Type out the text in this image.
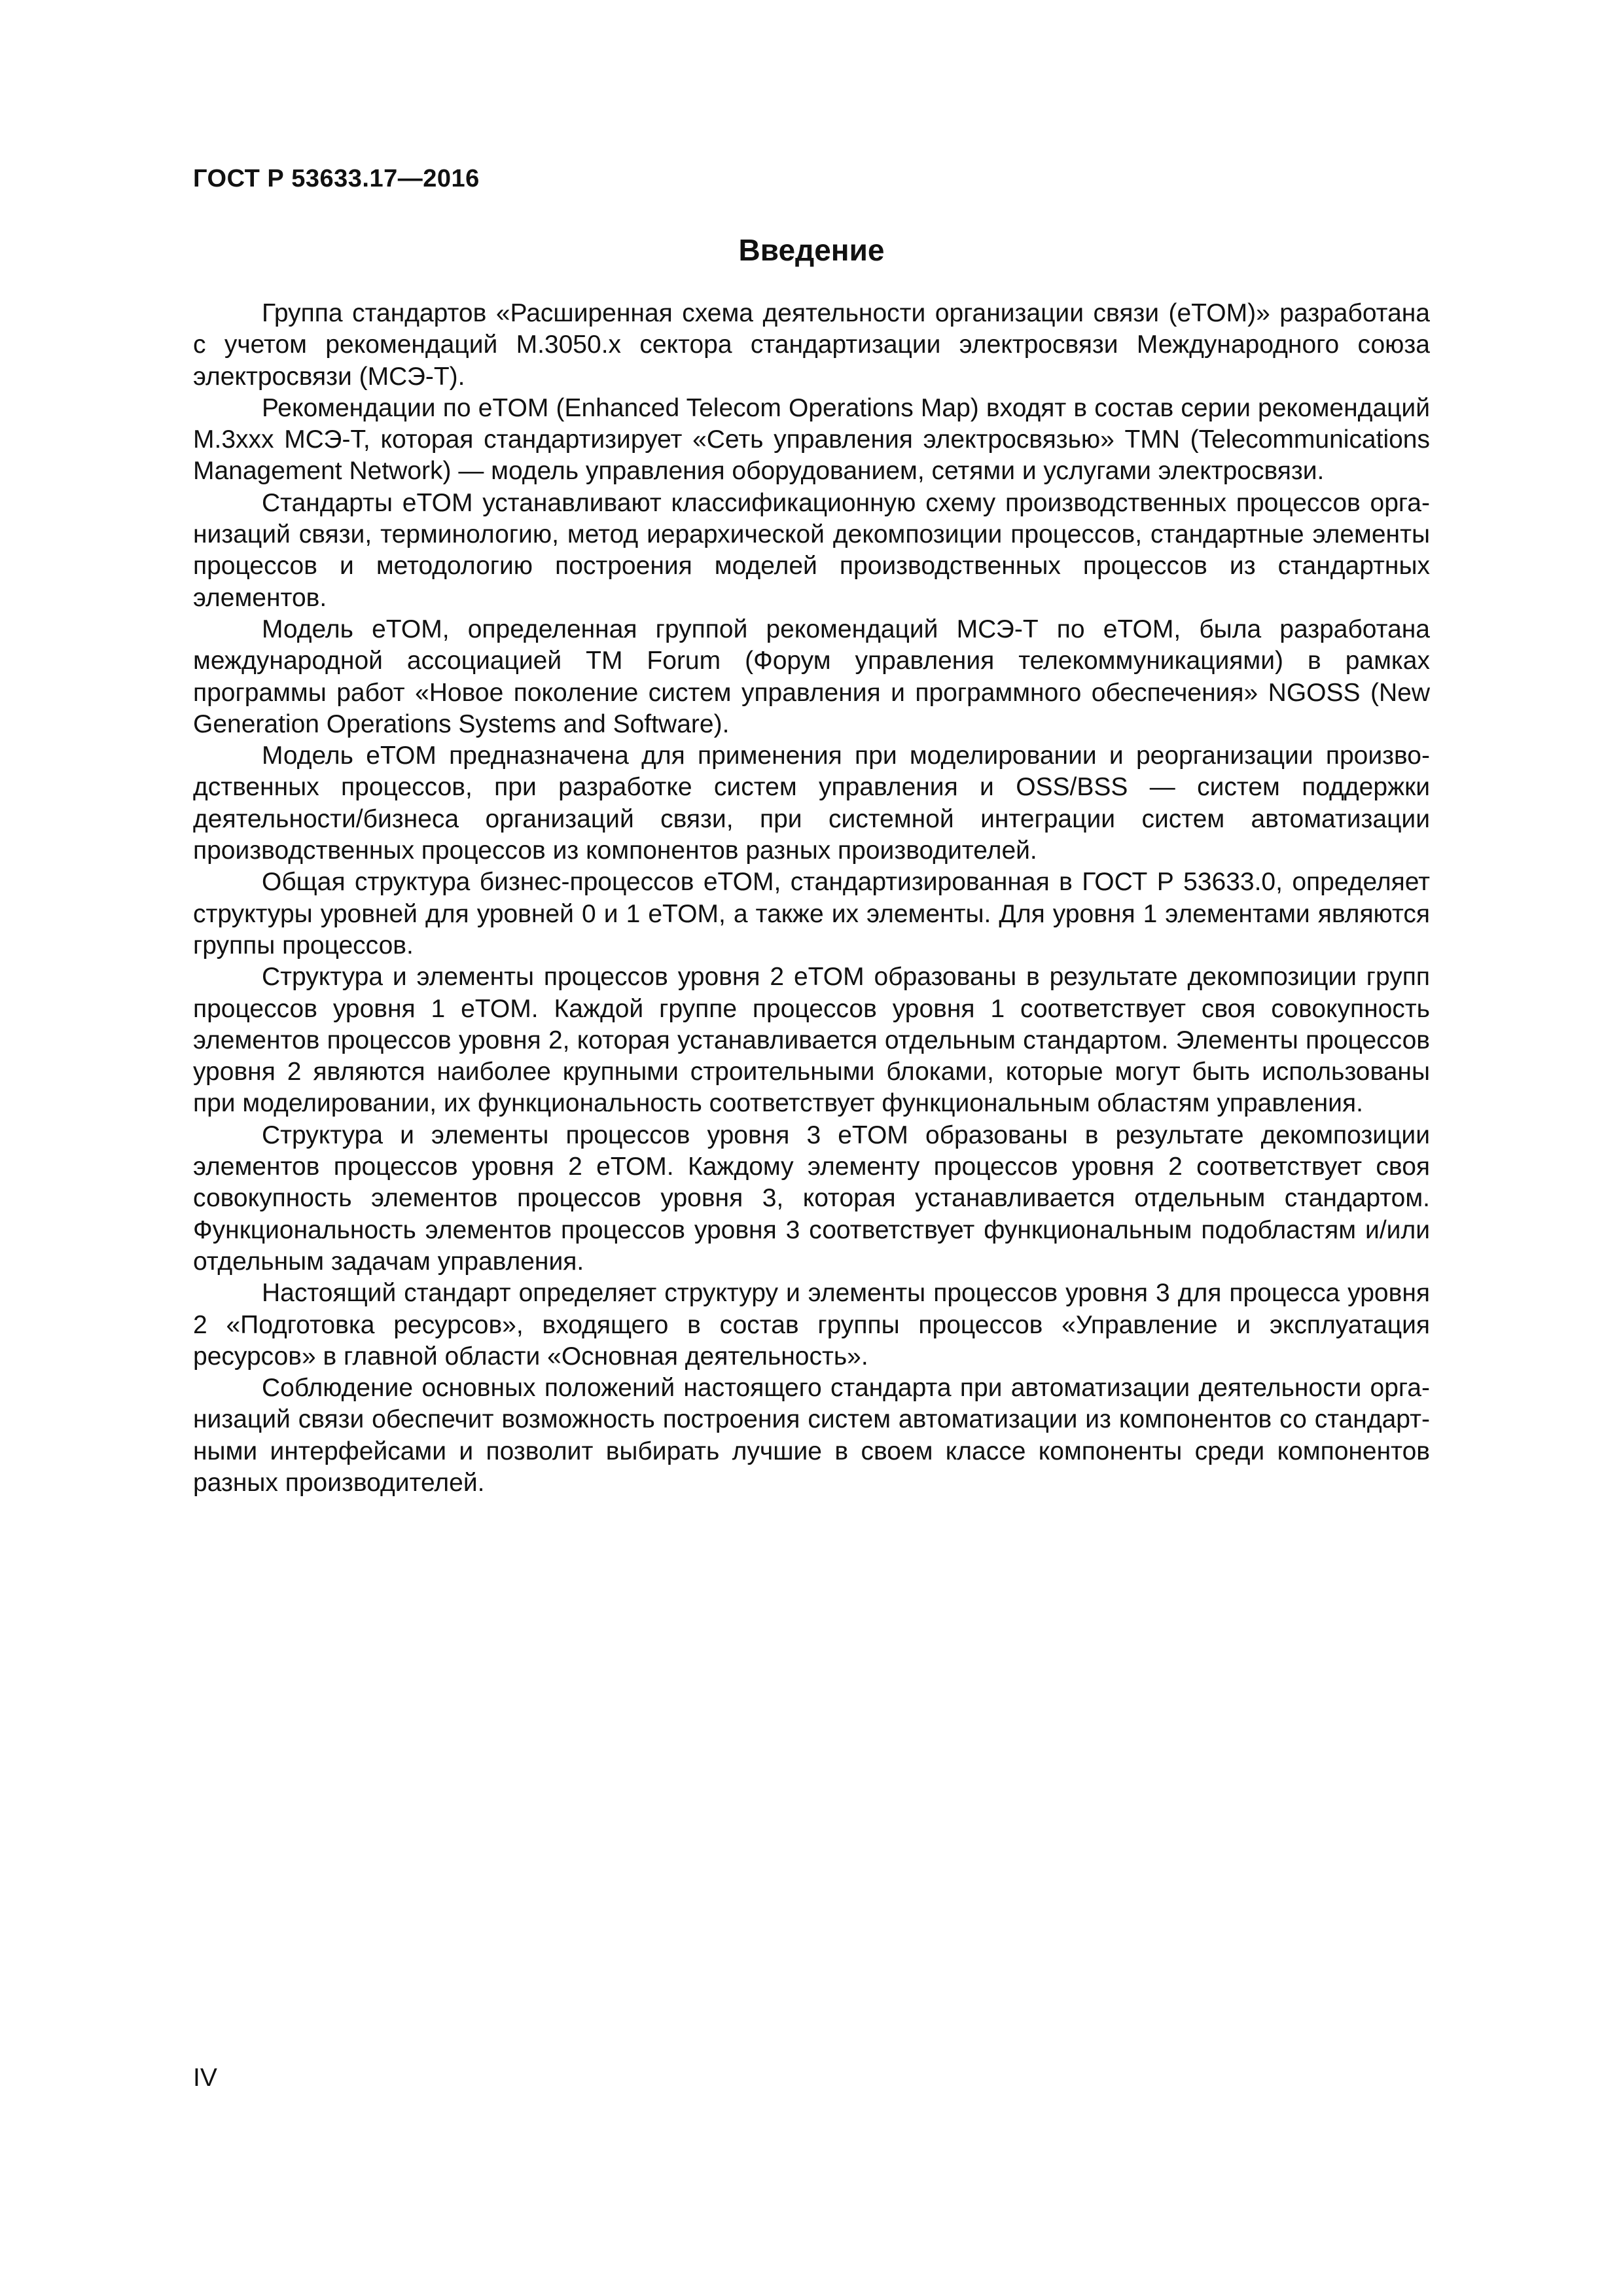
ГОСТ Р 53633.17—2016
Введение

Группа стандартов «Расширенная схема деятельности организации связи (eTOM)» разработана с учетом рекомендаций М.3050.x сектора стандартизации электросвязи Международного союза электросвязи (МСЭ-Т).

Рекомендации по eTOM (Enhanced Telecom Operations Map) входят в состав серии рекомендаций М.3ххх МСЭ-Т, которая стандартизирует «Сеть управления электросвязью» TMN (Telecommunications Management Network) — модель управления оборудованием, сетями и услугами электросвязи.

Стандарты eTOM устанавливают классификационную схему производственных процессов организаций связи, терминологию, метод иерархической декомпозиции процессов, стандартные элементы процессов и методологию построения моделей производственных процессов из стандартных элементов.

Модель eTOM, определенная группой рекомендаций МСЭ-Т по eTOM, была разработана международной ассоциацией TM Forum (Форум управления телекоммуникациями) в рамках программы работ «Новое поколение систем управления и программного обеспечения» NGOSS (New Generation Operations Systems and Software).

Модель eTOM предназначена для применения при моделировании и реорганизации производственных процессов, при разработке систем управления и OSS/BSS — систем поддержки деятельности/бизнеса организаций связи, при системной интеграции систем автоматизации производственных процессов из компонентов разных производителей.

Общая структура бизнес-процессов eTOM, стандартизированная в ГОСТ Р 53633.0, определяет структуры уровней для уровней 0 и 1 eTOM, а также их элементы. Для уровня 1 элементами являются группы процессов.

Структура и элементы процессов уровня 2 eTOM образованы в результате декомпозиции групп процессов уровня 1 eTOM. Каждой группе процессов уровня 1 соответствует своя совокупность элементов процессов уровня 2, которая устанавливается отдельным стандартом. Элементы процессов уровня 2 являются наиболее крупными строительными блоками, которые могут быть использованы при моделировании, их функциональность соответствует функциональным областям управления.

Структура и элементы процессов уровня 3 eTOM образованы в результате декомпозиции элементов процессов уровня 2 eTOM. Каждому элементу процессов уровня 2 соответствует своя совокупность элементов процессов уровня 3, которая устанавливается отдельным стандартом. Функциональность элементов процессов уровня 3 соответствует функциональным подобластям и/или отдельным задачам управления.

Настоящий стандарт определяет структуру и элементы процессов уровня 3 для процесса уровня 2 «Подготовка ресурсов», входящего в состав группы процессов «Управление и эксплуатация ресурсов» в главной области «Основная деятельность».

Соблюдение основных положений настоящего стандарта при автоматизации деятельности организаций связи обеспечит возможность построения систем автоматизации из компонентов со стандартными интерфейсами и позволит выбирать лучшие в своем классе компоненты среди компонентов разных производителей.

IV
